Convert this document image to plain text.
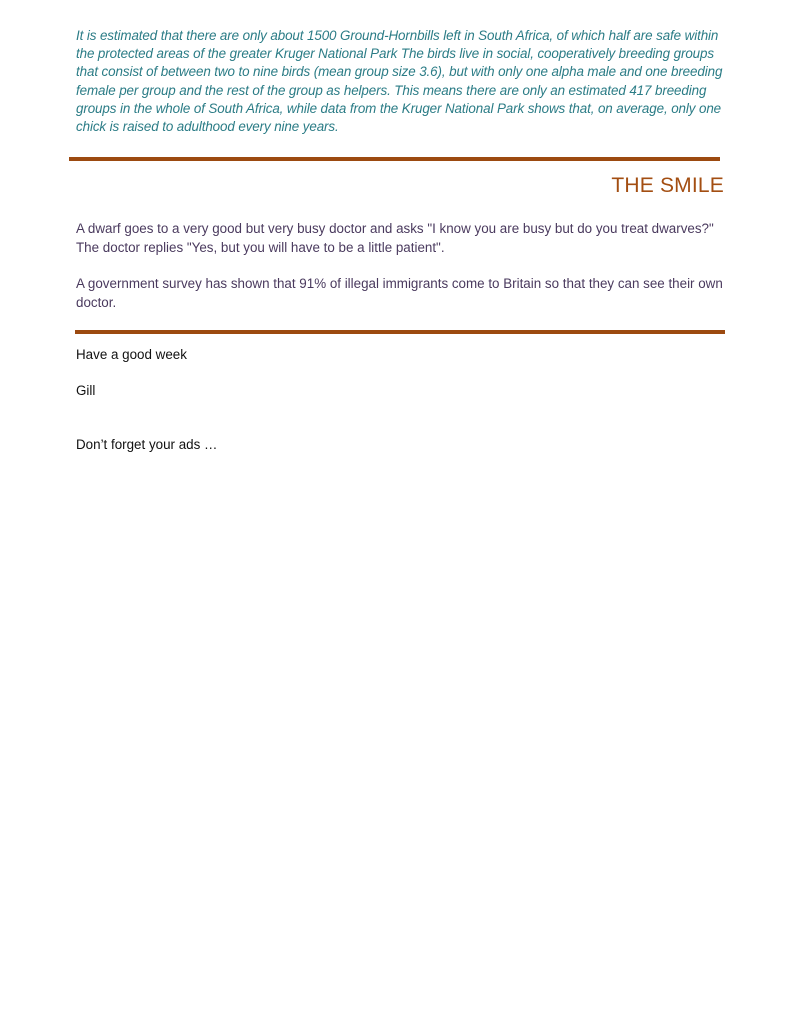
It is estimated that there are only about 1500 Ground-Hornbills left in South Africa, of which half are safe within the protected areas of the greater Kruger National Park The birds live in social, cooperatively breeding groups that consist of between two to nine birds (mean group size 3.6), but with only one alpha male and one breeding female per group and the rest of the group as helpers. This means there are only an estimated 417 breeding groups in the whole of South Africa, while data from the Kruger National Park shows that, on average, only one chick is raised to adulthood every nine years.

THE SMILE

A dwarf goes to a very good but very busy doctor and asks "I know you are busy but do you treat dwarves?" The doctor replies "Yes, but you will have to be a little patient".

A government survey has shown that 91% of illegal immigrants come to Britain so that they can see their own doctor.

Have a good week

Gill

Don’t forget your ads …
